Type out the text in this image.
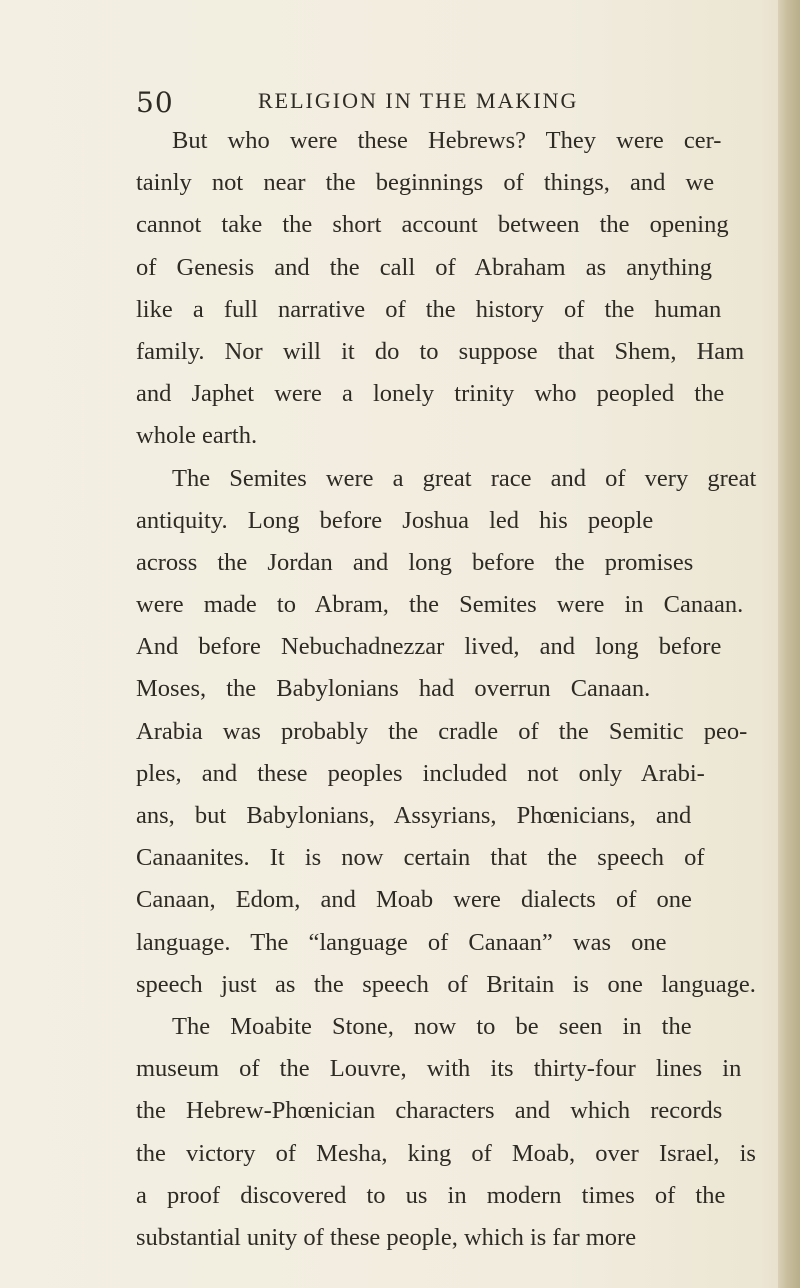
50	RELIGION IN THE MAKING
But who were these Hebrews? They were cer-
tainly not near the beginnings of things, and we
cannot take the short account between the opening
of Genesis and the call of Abraham as anything
like a full narrative of the history of the human
family. Nor will it do to suppose that Shem, Ham
and Japhet were a lonely trinity who peopled the
whole earth.
The Semites were a great race and of very great
antiquity. Long before Joshua led his people
across the Jordan and long before the promises
were made to Abram, the Semites were in Canaan.
And before Nebuchadnezzar lived, and long before
Moses, the Babylonians had overrun Canaan.
Arabia was probably the cradle of the Semitic peo-
ples, and these peoples included not only Arabi-
ans, but Babylonians, Assyrians, Phœnicians, and
Canaanites. It is now certain that the speech of
Canaan, Edom, and Moab were dialects of one
language. The “language of Canaan” was one
speech just as the speech of Britain is one language.
The Moabite Stone, now to be seen in the
museum of the Louvre, with its thirty-four lines in
the Hebrew-Phœnician characters and which records
the victory of Mesha, king of Moab, over Israel, is
a proof discovered to us in modern times of the
substantial unity of these people, which is far more
